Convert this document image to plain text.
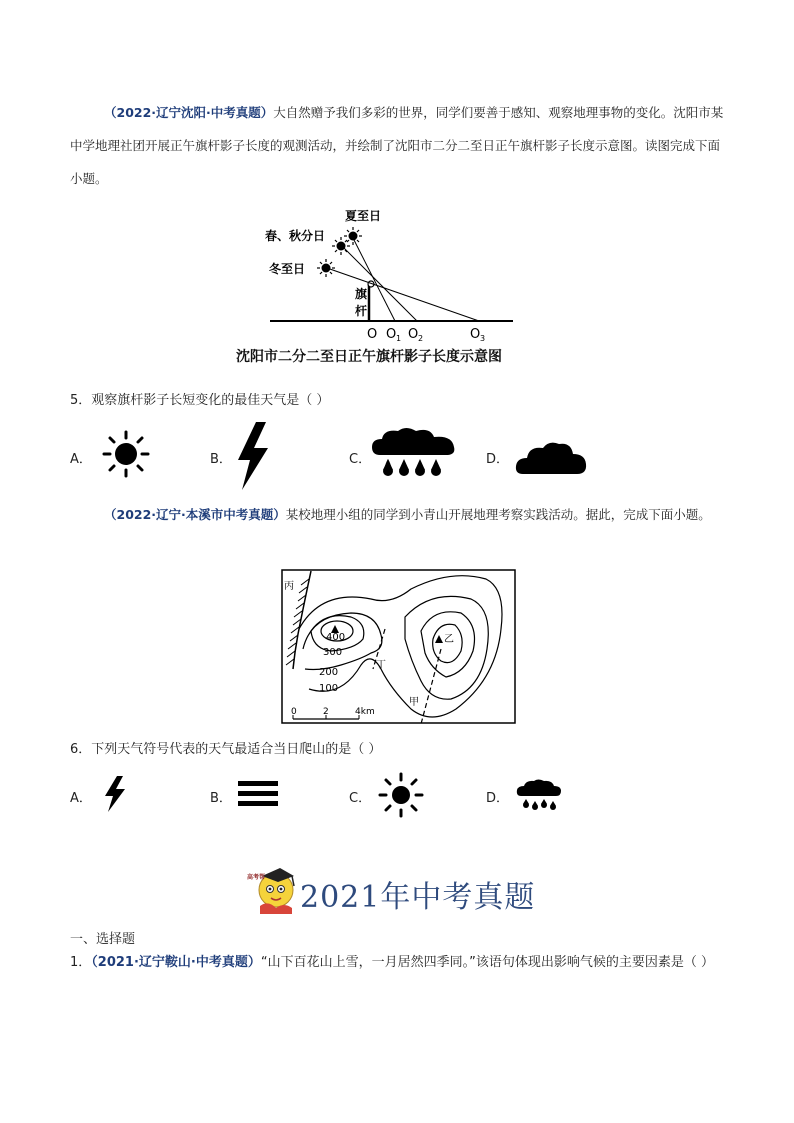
（2022·辽宁沈阳·中考真题）大自然赠予我们多彩的世界，同学们要善于感知、观察地理事物的变化。沈阳市某中学地理社团开展正午旗杆影子长度的观测活动，并绘制了沈阳市二分二至日正午旗杆影子长度示意图。读图完成下面小题。
夏至日
春、秋分日
冬至日
旗
杆
O O 1 O 2	O 3
沈阳市二分二至日正午旗杆影子长度示意图
5．观察旗杆影子长短变化的最佳天气是（ ）
A．	B．	C．	D．
（2022·辽宁·本溪市中考真题）某校地理小组的同学到小青山开展地理考察实践活动。据此，完成下面小题。
丙
乙
丁
甲
400
300
200
100
0	2	4km
6．下列天气符号代表的天气最适合当日爬山的是（ ）
A．	B．	C．	D．
高考帮
2021年中考真题
一、选择题
1．（2021·辽宁鞍山·中考真题）“山下百花山上雪，一月居然四季同。”该语句体现出影响气候的主要因素是（ ）
